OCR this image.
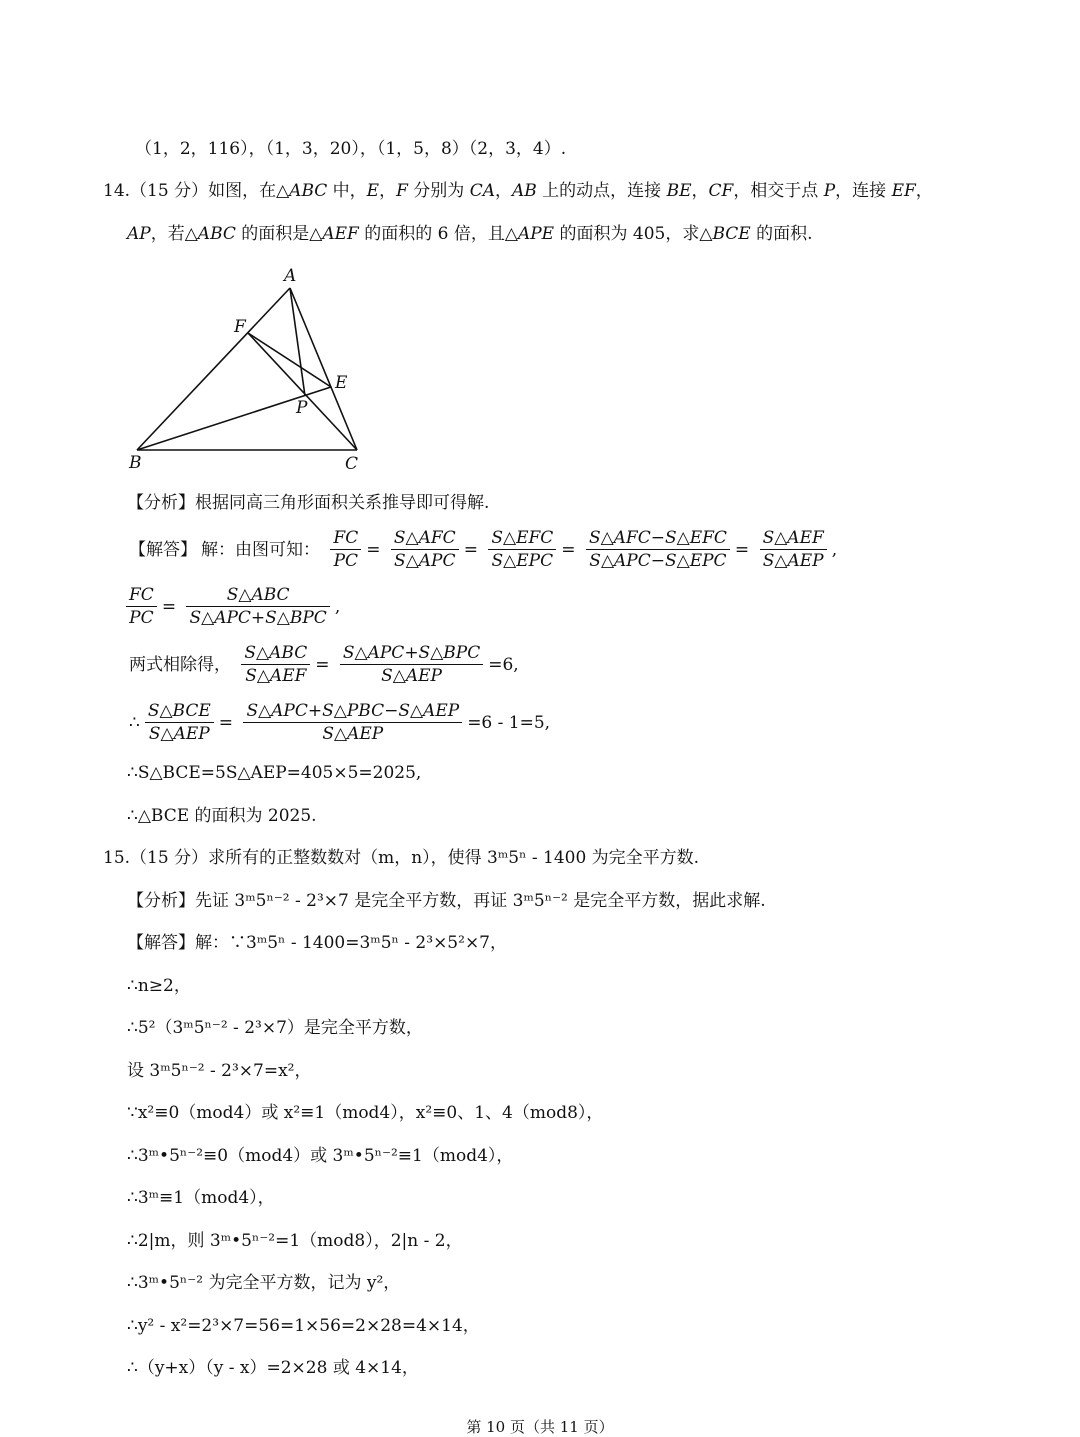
（1，2，116），（1，3，20），（1，5，8）（2，3，4）.
14.（15 分）如图，在△ABC 中，E，F 分别为 CA，AB 上的动点，连接 BE，CF，相交于点 P，连接 EF，
AP，若△ABC 的面积是△AEF 的面积的 6 倍，且△APE 的面积为 405，求△BCE 的面积.
A
F
E
P
B	C
【分析】根据同高三角形面积关系推导即可得解.
【解答】 解：由图可知： $\frac{FC}{PC} = \frac{\text{S△AFC}}{\text{S△APC}} = \frac{\text{S△EFC}}{\text{S△EPC}} = \frac{\text{S△AFC−S△EFC}}{\text{S△APC−S△EPC}} = \frac{\text{S△AEF}}{\text{S△AEP}}$ ,
$\frac{FC}{PC} = \frac{\text{S△ABC}}{\text{S△APC+S△BPC}}$ ,
两式相除得， $\frac{\text{S△ABC}}{\text{S△AEF}} = \frac{\text{S△APC+S△BPC}}{\text{S△AEP}} =6$,
∴ $\frac{\text{S△BCE}}{\text{S△AEP}} = \frac{\text{S△APC+S△PBC−S△AEP}}{\text{S△AEP}} =6 - 1=5$,
∴S△BCE=5S△AEP=405×5=2025,
∴△BCE 的面积为 2025.
15.（15 分）求所有的正整数数对（m，n），使得 3ᵐ5ⁿ - 1400 为完全平方数.
【分析】先证 3ᵐ5ⁿ⁻² - 2³×7 是完全平方数，再证 3ᵐ5ⁿ⁻² 是完全平方数，据此求解.
【解答】解：∵3ᵐ5ⁿ - 1400=3ᵐ5ⁿ - 2³×5²×7，
∴n≥2，
∴5²（3ᵐ5ⁿ⁻² - 2³×7）是完全平方数，
设 3ᵐ5ⁿ⁻² - 2³×7=x²，
∵x²≡0（mod4）或 x²≡1（mod4），x²≡0、1、4（mod8），
∴3ᵐ•5ⁿ⁻²≡0（mod4）或 3ᵐ•5ⁿ⁻²≡1（mod4），
∴3ᵐ≡1（mod4），
∴2|m，则 3ᵐ•5ⁿ⁻²=1（mod8），2|n - 2，
∴3ᵐ•5ⁿ⁻² 为完全平方数，记为 y²，
∴y² - x²=2³×7=56=1×56=2×28=4×14，
∴（y+x）（y - x）=2×28 或 4×14，
第 10 页（共 11 页）
